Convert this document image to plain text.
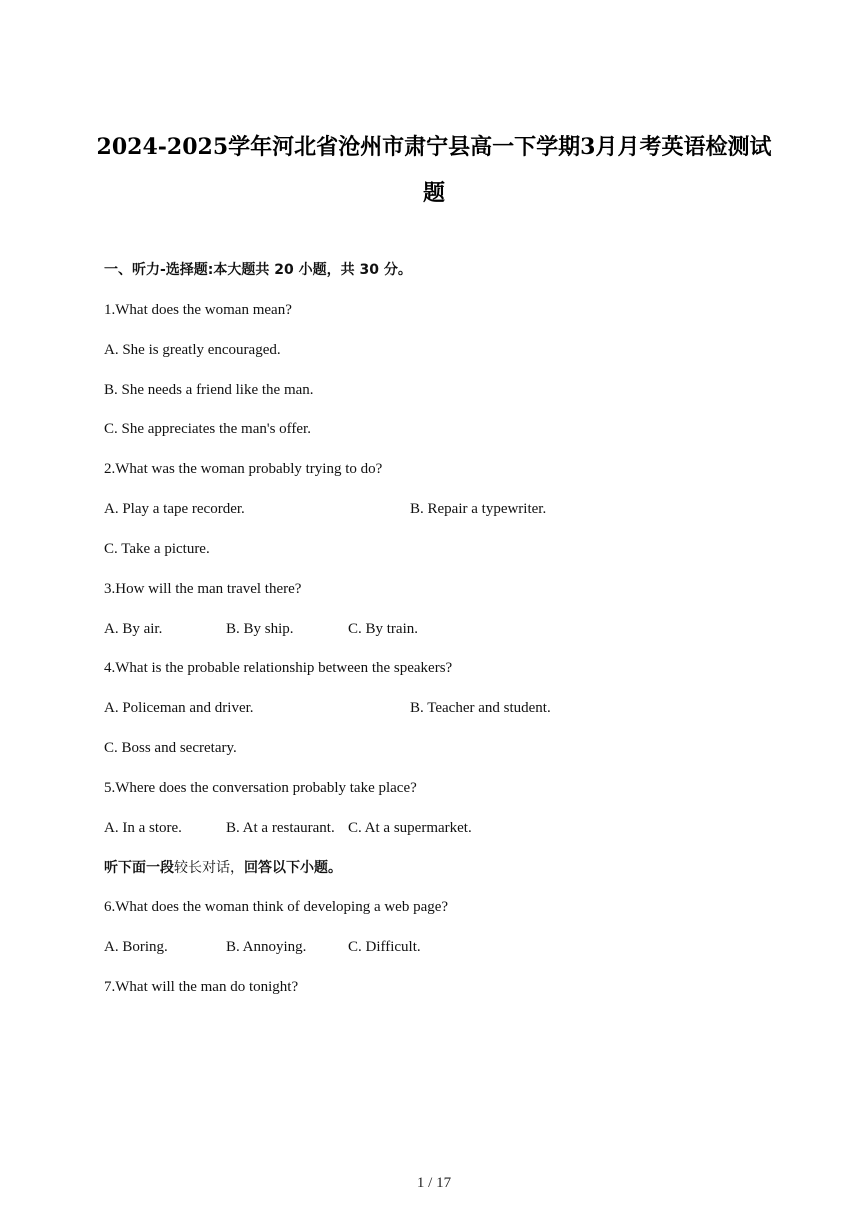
2024-2025学年河北省沧州市肃宁县高一下学期3月月考英语检测试
题
一、听力-选择题:本大题共 20 小题，共 30 分。
1.What does the woman mean?
A. She is greatly encouraged.
B. She needs a friend like the man.
C. She appreciates the man's offer.
2.What was the woman probably trying to do?
A. Play a tape recorder.	B. Repair a typewriter.
C. Take a picture.
3.How will the man travel there?
A. By air.	B. By ship.	C. By train.
4.What is the probable relationship between the speakers?
A. Policeman and driver.	B. Teacher and student.
C. Boss and secretary.
5.Where does the conversation probably take place?
A. In a store.	B. At a restaurant. C. At a supermarket.
听下面一段较长对话，回答以下小题。
6.What does the woman think of developing a web page?
A. Boring.	B. Annoying.	C. Difficult.
7.What will the man do tonight?
1 / 17
